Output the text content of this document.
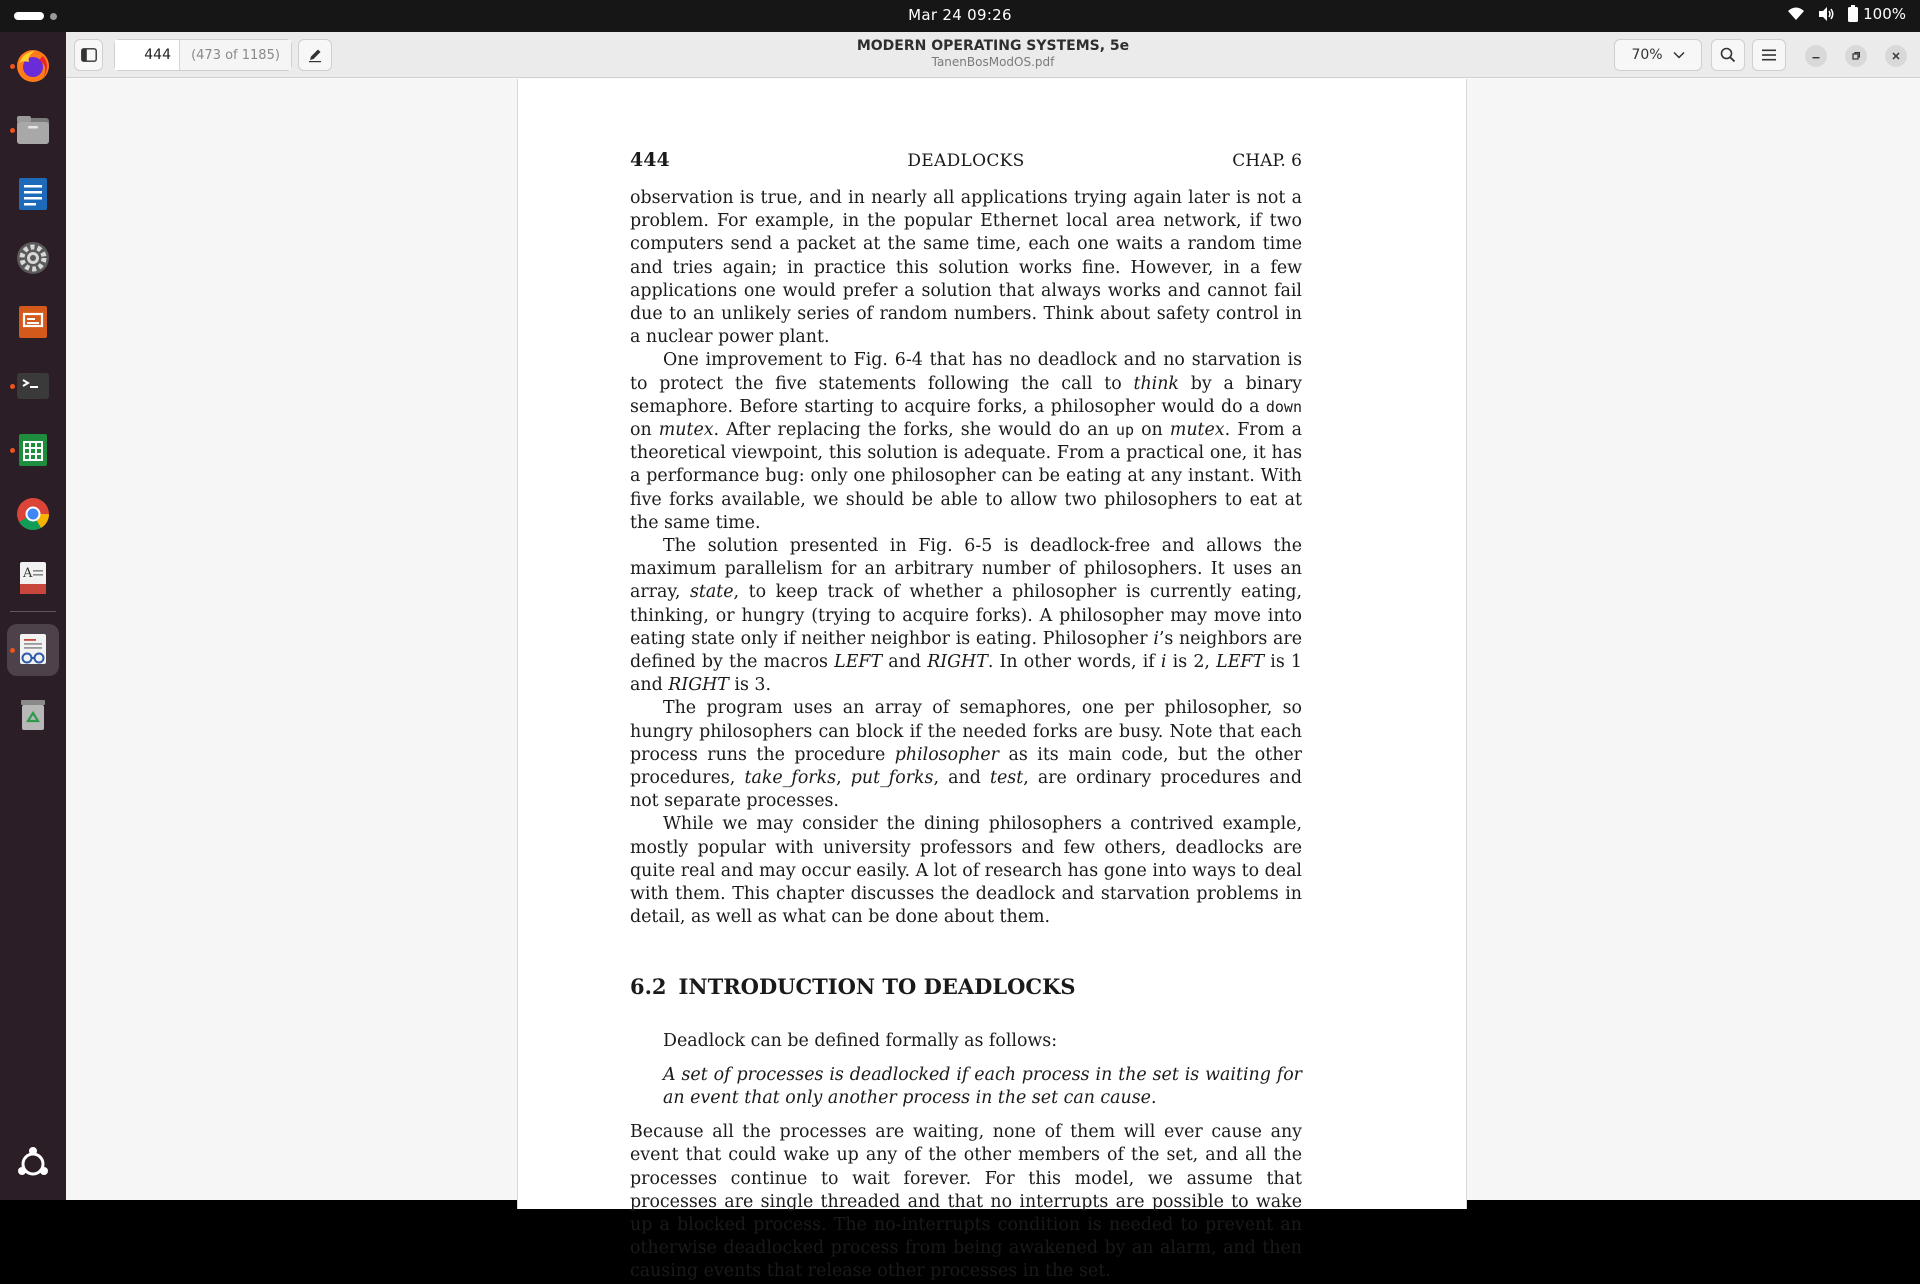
Mar 24 09:26	100%
A
444
(473 of 1185)
MODERN OPERATING SYSTEMS, 5e
TanenBosModOS.pdf	70%
444	DEADLOCKS	CHAP. 6

observation is true, and in nearly all applications trying again later is not a problem. For example, in the popular Ethernet local area network, if two computers send a packet at the same time, each one waits a random time and tries again; in practice this solution works fine. However, in a few applications one would prefer a solution that always works and cannot fail due to an unlikely series of random numbers. Think about safety control in a nuclear power plant.

One improvement to Fig. 6-4 that has no deadlock and no starvation is to protect the five statements following the call to think by a binary semaphore. Before starting to acquire forks, a philosopher would do a down on mutex. After replacing the forks, she would do an up on mutex. From a theoretical viewpoint, this solution is adequate. From a practical one, it has a performance bug: only one philosopher can be eating at any instant. With five forks available, we should be able to allow two philosophers to eat at the same time.

The solution presented in Fig. 6-5 is deadlock-free and allows the maximum parallelism for an arbitrary number of philosophers. It uses an array, state, to keep track of whether a philosopher is currently eating, thinking, or hungry (trying to acquire forks). A philosopher may move into eating state only if neither neighbor is eating. Philosopher i’s neighbors are defined by the macros LEFT and RIGHT. In other words, if i is 2, LEFT is 1 and RIGHT is 3.

The program uses an array of semaphores, one per philosopher, so hungry philosophers can block if the needed forks are busy. Note that each process runs the procedure philosopher as its main code, but the other procedures, take_forks, put_forks, and test, are ordinary procedures and not separate processes.

While we may consider the dining philosophers a contrived example, mostly popular with university professors and few others, deadlocks are quite real and may occur easily. A lot of research has gone into ways to deal with them. This chapter discusses the deadlock and starvation problems in detail, as well as what can be done about them.

6.2 INTRODUCTION TO DEADLOCKS

Deadlock can be defined formally as follows:

A set of processes is deadlocked if each process in the set is waiting for an event that only another process in the set can cause.

Because all the processes are waiting, none of them will ever cause any event that could wake up any of the other members of the set, and all the processes continue to wait forever. For this model, we assume that processes are single threaded and that no interrupts are possible to wake up a blocked process. The no-interrupts condition is needed to prevent an otherwise deadlocked process from being awakened by an alarm, and then causing events that release other processes in the set.
